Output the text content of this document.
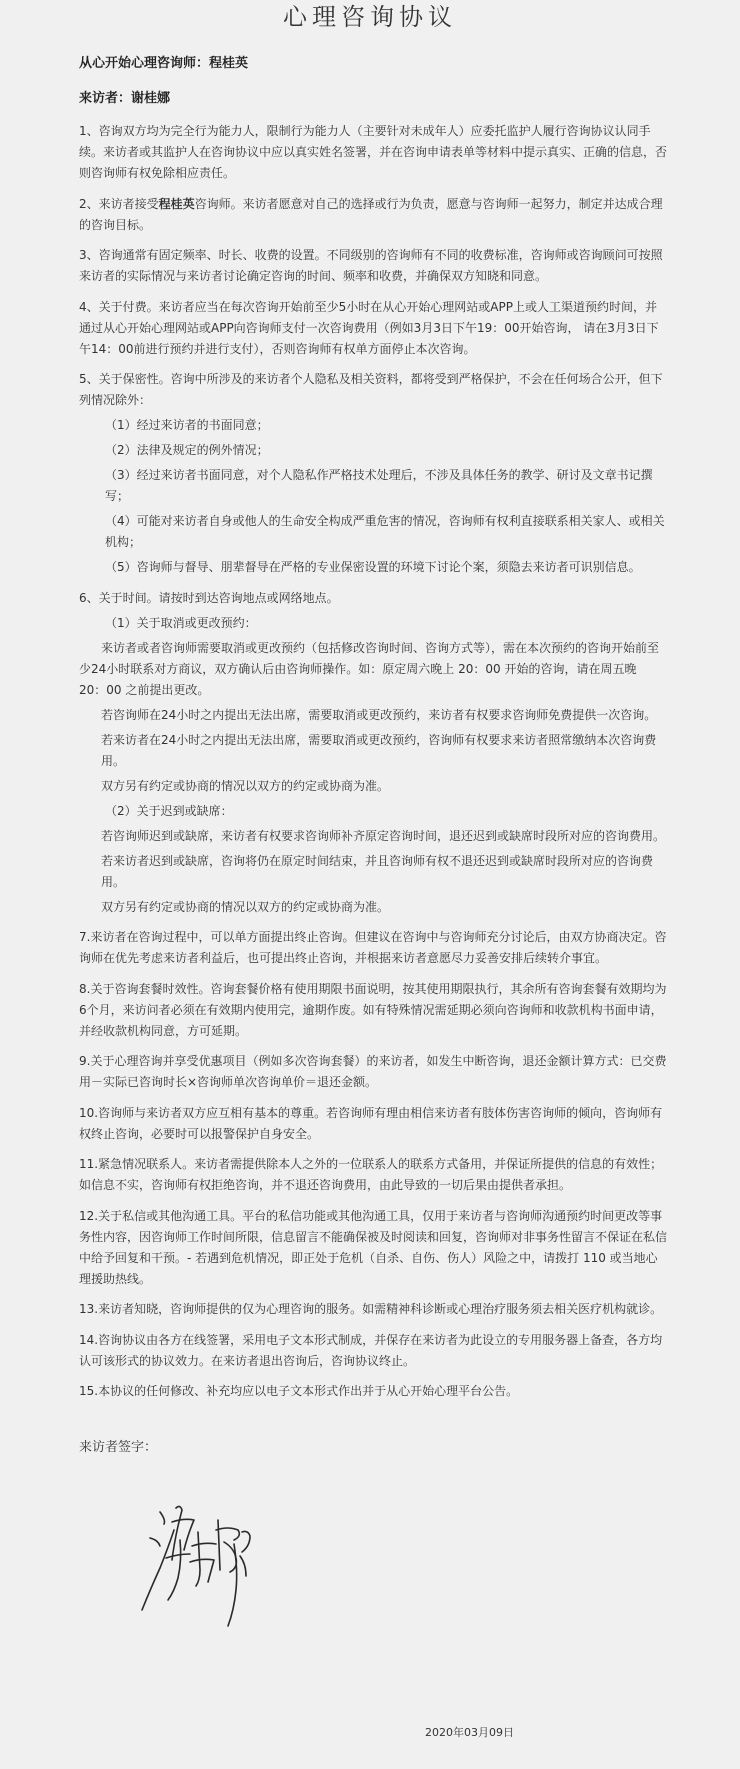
心理咨询协议
从心开始心理咨询师：程桂英
来访者：谢桂娜

1、咨询双方均为完全行为能力人，限制行为能力人（主要针对未成年人）应委托监护人履行咨询协议认同手续。来访者或其监护人在咨询协议中应以真实姓名签署，并在咨询申请表单等材料中提示真实、正确的信息，否则咨询师有权免除相应责任。

2、来访者接受程桂英咨询师。来访者愿意对自己的选择或行为负责，愿意与咨询师一起努力，制定并达成合理的咨询目标。

3、咨询通常有固定频率、时长、收费的设置。不同级别的咨询师有不同的收费标准，咨询师或咨询顾问可按照来访者的实际情况与来访者讨论确定咨询的时间、频率和收费，并确保双方知晓和同意。

4、关于付费。来访者应当在每次咨询开始前至少5小时在从心开始心理网站或APP上或人工渠道预约时间，并通过从心开始心理网站或APP向咨询师支付一次咨询费用（例如3月3日下午19：00开始咨询， 请在3月3日下午14：00前进行预约并进行支付），否则咨询师有权单方面停止本次咨询。

5、关于保密性。咨询中所涉及的来访者个人隐私及相关资料，都将受到严格保护，不会在任何场合公开，但下列情况除外：

（1）经过来访者的书面同意；
（2）法律及规定的例外情况；
（3）经过来访者书面同意，对个人隐私作严格技术处理后，不涉及具体任务的教学、研讨及文章书记撰写；
（4）可能对来访者自身或他人的生命安全构成严重危害的情况，咨询师有权利直接联系相关家人、或相关机构；
（5）咨询师与督导、朋辈督导在严格的专业保密设置的环境下讨论个案，须隐去来访者可识别信息。

6、关于时间。请按时到达咨询地点或网络地点。

（1）关于取消或更改预约：
来访者或者咨询师需要取消或更改预约（包括修改咨询时间、咨询方式等），需在本次预约的咨询开始前至少24小时联系对方商议，双方确认后由咨询师操作。如：原定周六晚上 20：00 开始的咨询，请在周五晚 20：00 之前提出更改。
若咨询师在24小时之内提出无法出席，需要取消或更改预约，来访者有权要求咨询师免费提供一次咨询。
若来访者在24小时之内提出无法出席，需要取消或更改预约，咨询师有权要求来访者照常缴纳本次咨询费用。
双方另有约定或协商的情况以双方的约定或协商为准。
（2）关于迟到或缺席：
若咨询师迟到或缺席，来访者有权要求咨询师补齐原定咨询时间，退还迟到或缺席时段所对应的咨询费用。
若来访者迟到或缺席，咨询将仍在原定时间结束，并且咨询师有权不退还迟到或缺席时段所对应的咨询费用。
双方另有约定或协商的情况以双方的约定或协商为准。

7.来访者在咨询过程中，可以单方面提出终止咨询。但建议在咨询中与咨询师充分讨论后，由双方协商决定。咨询师在优先考虑来访者利益后，也可提出终止咨询，并根据来访者意愿尽力妥善安排后续转介事宜。

8.关于咨询套餐时效性。咨询套餐价格有使用期限书面说明，按其使用期限执行，其余所有咨询套餐有效期均为6个月，来访问者必须在有效期内使用完，逾期作废。如有特殊情况需延期必须向咨询师和收款机构书面申请，并经收款机构同意，方可延期。

9.关于心理咨询并享受优惠项目（例如多次咨询套餐）的来访者，如发生中断咨询，退还金额计算方式：已交费用－实际已咨询时长×咨询师单次咨询单价＝退还金额。

10.咨询师与来访者双方应互相有基本的尊重。若咨询师有理由相信来访者有肢体伤害咨询师的倾向，咨询师有权终止咨询，必要时可以报警保护自身安全。

11.紧急情况联系人。来访者需提供除本人之外的一位联系人的联系方式备用，并保证所提供的信息的有效性；如信息不实，咨询师有权拒绝咨询，并不退还咨询费用，由此导致的一切后果由提供者承担。

12.关于私信或其他沟通工具。平台的私信功能或其他沟通工具，仅用于来访者与咨询师沟通预约时间更改等事务性内容，因咨询师工作时间所限，信息留言不能确保被及时阅读和回复，咨询师对非事务性留言不保证在私信中给予回复和干预。- 若遇到危机情况，即正处于危机（自杀、自伤、伤人）风险之中，请拨打 110 或当地心理援助热线。

13.来访者知晓，咨询师提供的仅为心理咨询的服务。如需精神科诊断或心理治疗服务须去相关医疗机构就诊。

14.咨询协议由各方在线签署，采用电子文本形式制成，并保存在来访者为此设立的专用服务器上备查，各方均认可该形式的协议效力。在来访者退出咨询后，咨询协议终止。

15.本协议的任何修改、补充均应以电子文本形式作出并于从心开始心理平台公告。

来访者签字：
2020年03月09日
